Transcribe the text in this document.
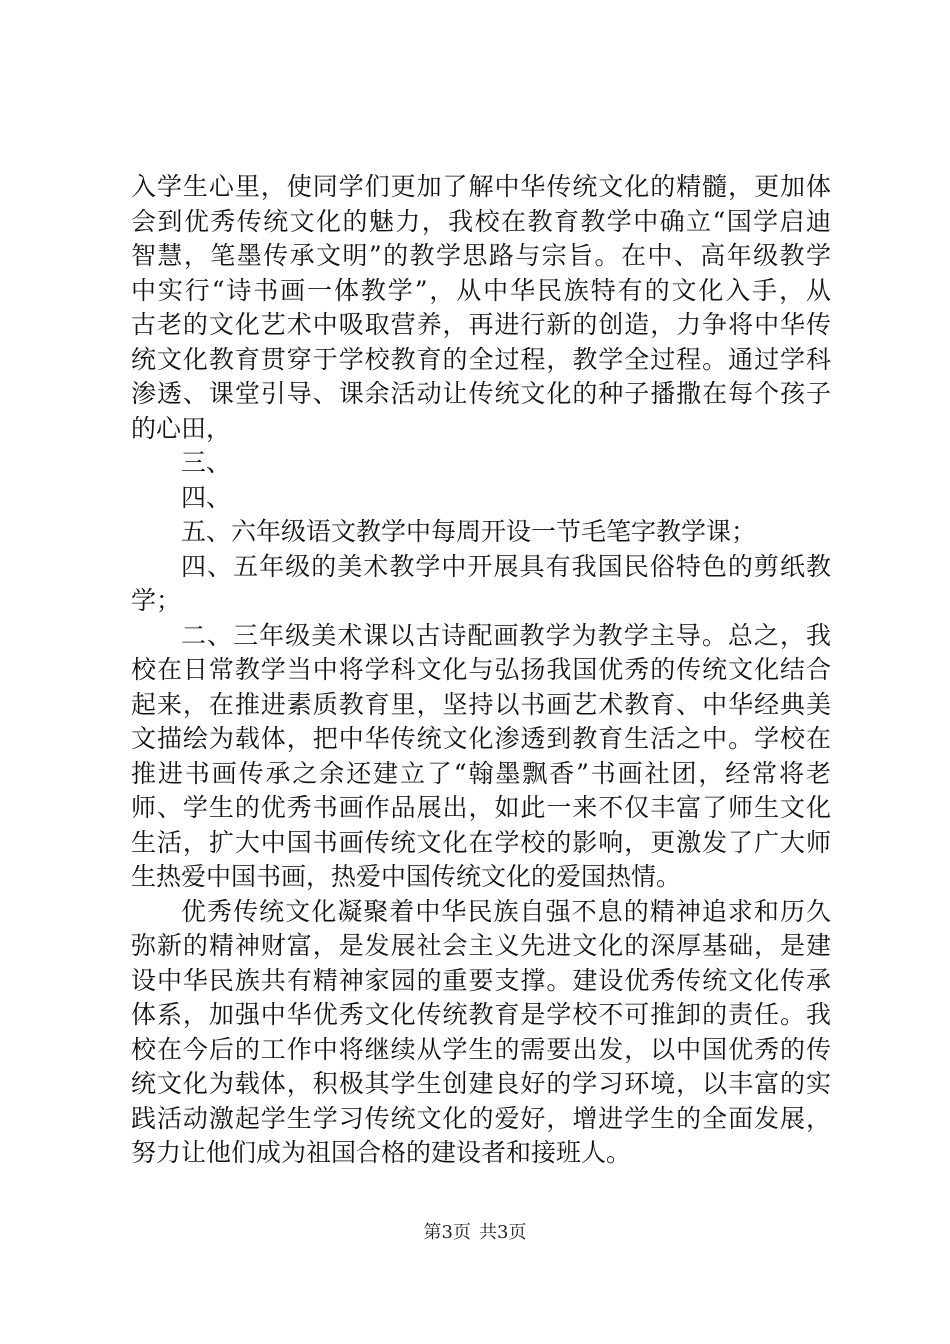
入学生心里，使同学们更加了解中华传统文化的精髓，更加体
会到优秀传统文化的魅力，我校在教育教学中确立“国学启迪
智慧，笔墨传承文明”的教学思路与宗旨。在中、高年级教学
中实行“诗书画一体教学”，从中华民族特有的文化入手，从
古老的文化艺术中吸取营养，再进行新的创造，力争将中华传
统文化教育贯穿于学校教育的全过程，教学全过程。通过学科
渗透、课堂引导、课余活动让传统文化的种子播撒在每个孩子
的心田，
三、
四、
五、六年级语文教学中每周开设一节毛笔字教学课；
四、五年级的美术教学中开展具有我国民俗特色的剪纸教
学；
二、三年级美术课以古诗配画教学为教学主导。总之，我
校在日常教学当中将学科文化与弘扬我国优秀的传统文化结合
起来，在推进素质教育里，坚持以书画艺术教育、中华经典美
文描绘为载体，把中华传统文化渗透到教育生活之中。学校在
推进书画传承之余还建立了“翰墨飘香”书画社团，经常将老
师、学生的优秀书画作品展出，如此一来不仅丰富了师生文化
生活，扩大中国书画传统文化在学校的影响，更激发了广大师
生热爱中国书画，热爱中国传统文化的爱国热情。
优秀传统文化凝聚着中华民族自强不息的精神追求和历久
弥新的精神财富，是发展社会主义先进文化的深厚基础，是建
设中华民族共有精神家园的重要支撑。建设优秀传统文化传承
体系，加强中华优秀文化传统教育是学校不可推卸的责任。我
校在今后的工作中将继续从学生的需要出发，以中国优秀的传
统文化为载体，积极其学生创建良好的学习环境，以丰富的实
践活动激起学生学习传统文化的爱好，增进学生的全面发展，
努力让他们成为祖国合格的建设者和接班人。
第3页 共3页
